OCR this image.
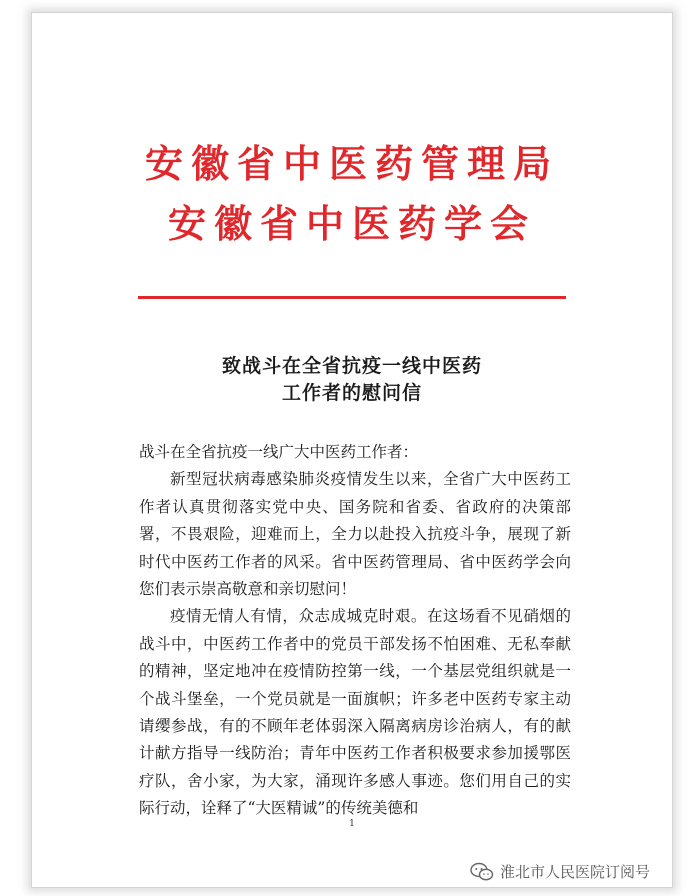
安徽省中医药管理局
安徽省中医药学会
致战斗在全省抗疫一线中医药
工作者的慰问信

战斗在全省抗疫一线广大中医药工作者：

新型冠状病毒感染肺炎疫情发生以来，全省广大中医药工作者认真贯彻落实党中央、国务院和省委、省政府的决策部署，不畏艰险，迎难而上，全力以赴投入抗疫斗争，展现了新时代中医药工作者的风采。省中医药管理局、省中医药学会向您们表示崇高敬意和亲切慰问！

疫情无情人有情，众志成城克时艰。在这场看不见硝烟的战斗中，中医药工作者中的党员干部发扬不怕困难、无私奉献的精神，坚定地冲在疫情防控第一线，一个基层党组织就是一个战斗堡垒，一个党员就是一面旗帜；许多老中医药专家主动请缨参战，有的不顾年老体弱深入隔离病房诊治病人，有的献计献方指导一线防治；青年中医药工作者积极要求参加援鄂医疗队，舍小家，为大家，涌现许多感人事迹。您们用自己的实际行动，诠释了“大医精诚”的传统美德和

1
淮北市人民医院订阅号
